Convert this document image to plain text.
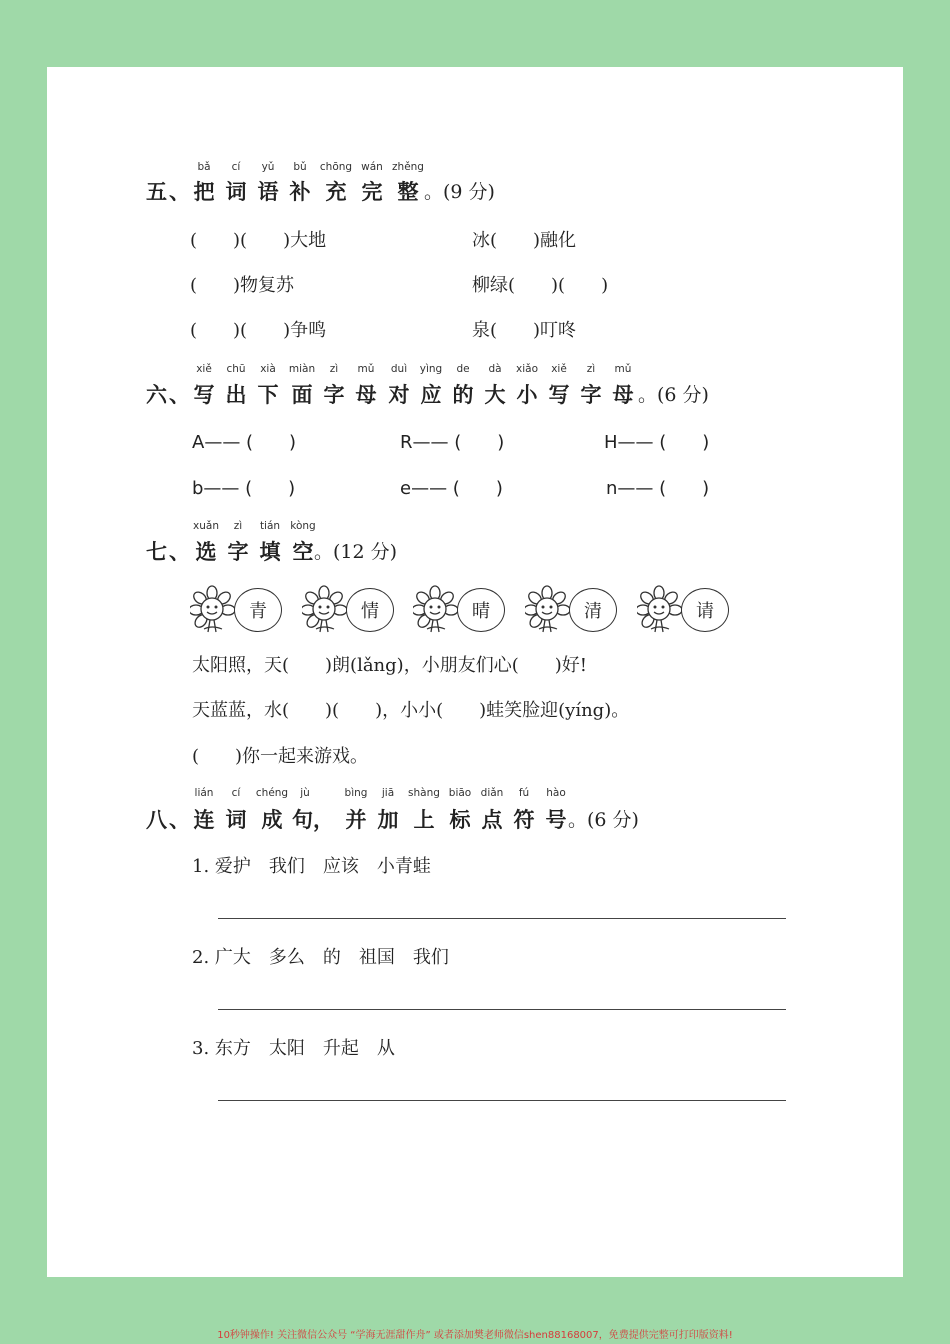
bǎ cí yǔ bǔ chōng wán zhěng
五、 把 词 语 补 充 完 整 。(9 分)
(　　)(　　)大地	冰(　　)融化
(　　)物复苏	柳绿(　　)(　　)
(　　)(　　)争鸣	泉(　　)叮咚
xiě chū xià miàn zì mǔ duì yìng de dà xiǎo xiě zì mǔ
六、 写 出 下 面 字 母 对 应 的 大 小 写 字 母 。(6 分)
A—— (　　)	R—— (　　)	H—— (　　)
b—— (　　)	e—— (　　)	n—— (　　)
xuǎn zì tián kòng
七、 选 字 填 空 。(12 分)
青	情	晴	清	请
太阳照，天(　　)朗(lǎng)，小朋友们心(　　)好!
天蓝蓝，水(　　)(　　)，小小(　　)蛙笑脸迎(yíng)。
(　　)你一起来游戏。
lián cí chéng jù	bìng jiā shàng biāo diǎn fú hào
八、 连 词 成 句， 并 加 上 标 点 符 号 。(6 分)
1. 爱护　我们　应该　小青蛙
2. 广大　多么　的　祖国　我们
3. 东方　太阳　升起　从
10秒钟操作! 关注微信公众号 “学海无涯甜作舟” 或者添加樊老师微信shen88168007，免费提供完整可打印版资料!
